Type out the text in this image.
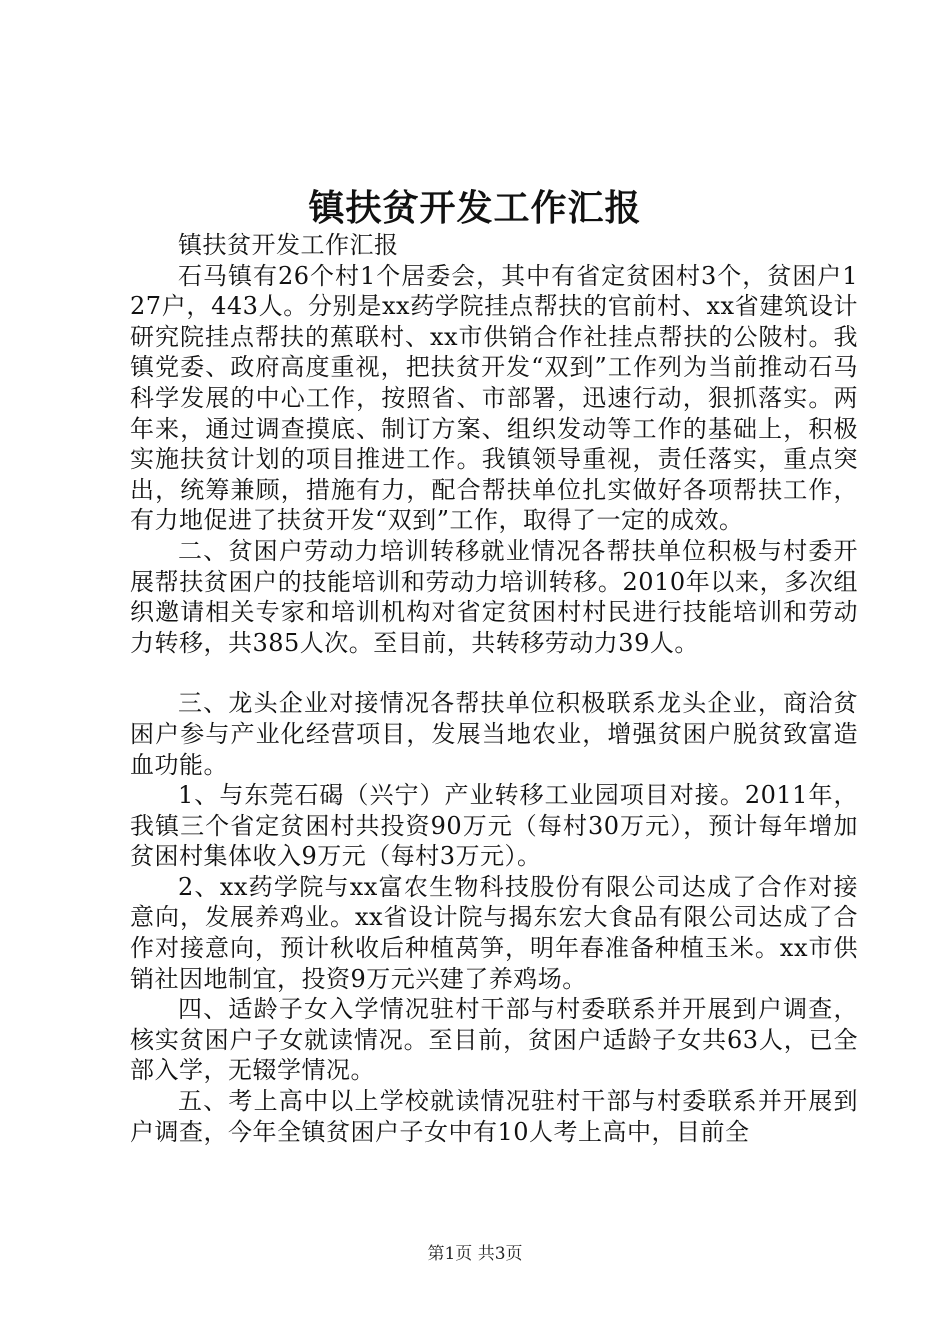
镇扶贫开发工作汇报

镇扶贫开发工作汇报

石马镇有26个村1个居委会，其中有省定贫困村3个，贫困户127户，443人。分别是xx药学院挂点帮扶的官前村、xx省建筑设计研究院挂点帮扶的蕉联村、xx市供销合作社挂点帮扶的公陂村。我镇党委、政府高度重视，把扶贫开发“双到”工作列为当前推动石马科学发展的中心工作，按照省、市部署，迅速行动，狠抓落实。两年来，通过调查摸底、制订方案、组织发动等工作的基础上，积极实施扶贫计划的项目推进工作。我镇领导重视，责任落实，重点突出，统筹兼顾，措施有力，配合帮扶单位扎实做好各项帮扶工作，有力地促进了扶贫开发“双到”工作，取得了一定的成效。

二、贫困户劳动力培训转移就业情况各帮扶单位积极与村委开展帮扶贫困户的技能培训和劳动力培训转移。2010年以来，多次组织邀请相关专家和培训机构对省定贫困村村民进行技能培训和劳动力转移，共385人次。至目前，共转移劳动力39人。

三、龙头企业对接情况各帮扶单位积极联系龙头企业，商洽贫困户参与产业化经营项目，发展当地农业，增强贫困户脱贫致富造血功能。

1、与东莞石碣（兴宁）产业转移工业园项目对接。2011年，我镇三个省定贫困村共投资90万元（每村30万元），预计每年增加贫困村集体收入9万元（每村3万元）。

2、xx药学院与xx富农生物科技股份有限公司达成了合作对接意向，发展养鸡业。xx省设计院与揭东宏大食品有限公司达成了合作对接意向，预计秋收后种植莴笋，明年春准备种植玉米。xx市供销社因地制宜，投资9万元兴建了养鸡场。

四、适龄子女入学情况驻村干部与村委联系并开展到户调查，核实贫困户子女就读情况。至目前，贫困户适龄子女共63人，已全部入学，无辍学情况。

五、考上高中以上学校就读情况驻村干部与村委联系并开展到户调查，今年全镇贫困户子女中有10人考上高中，目前全

第1页 共3页
